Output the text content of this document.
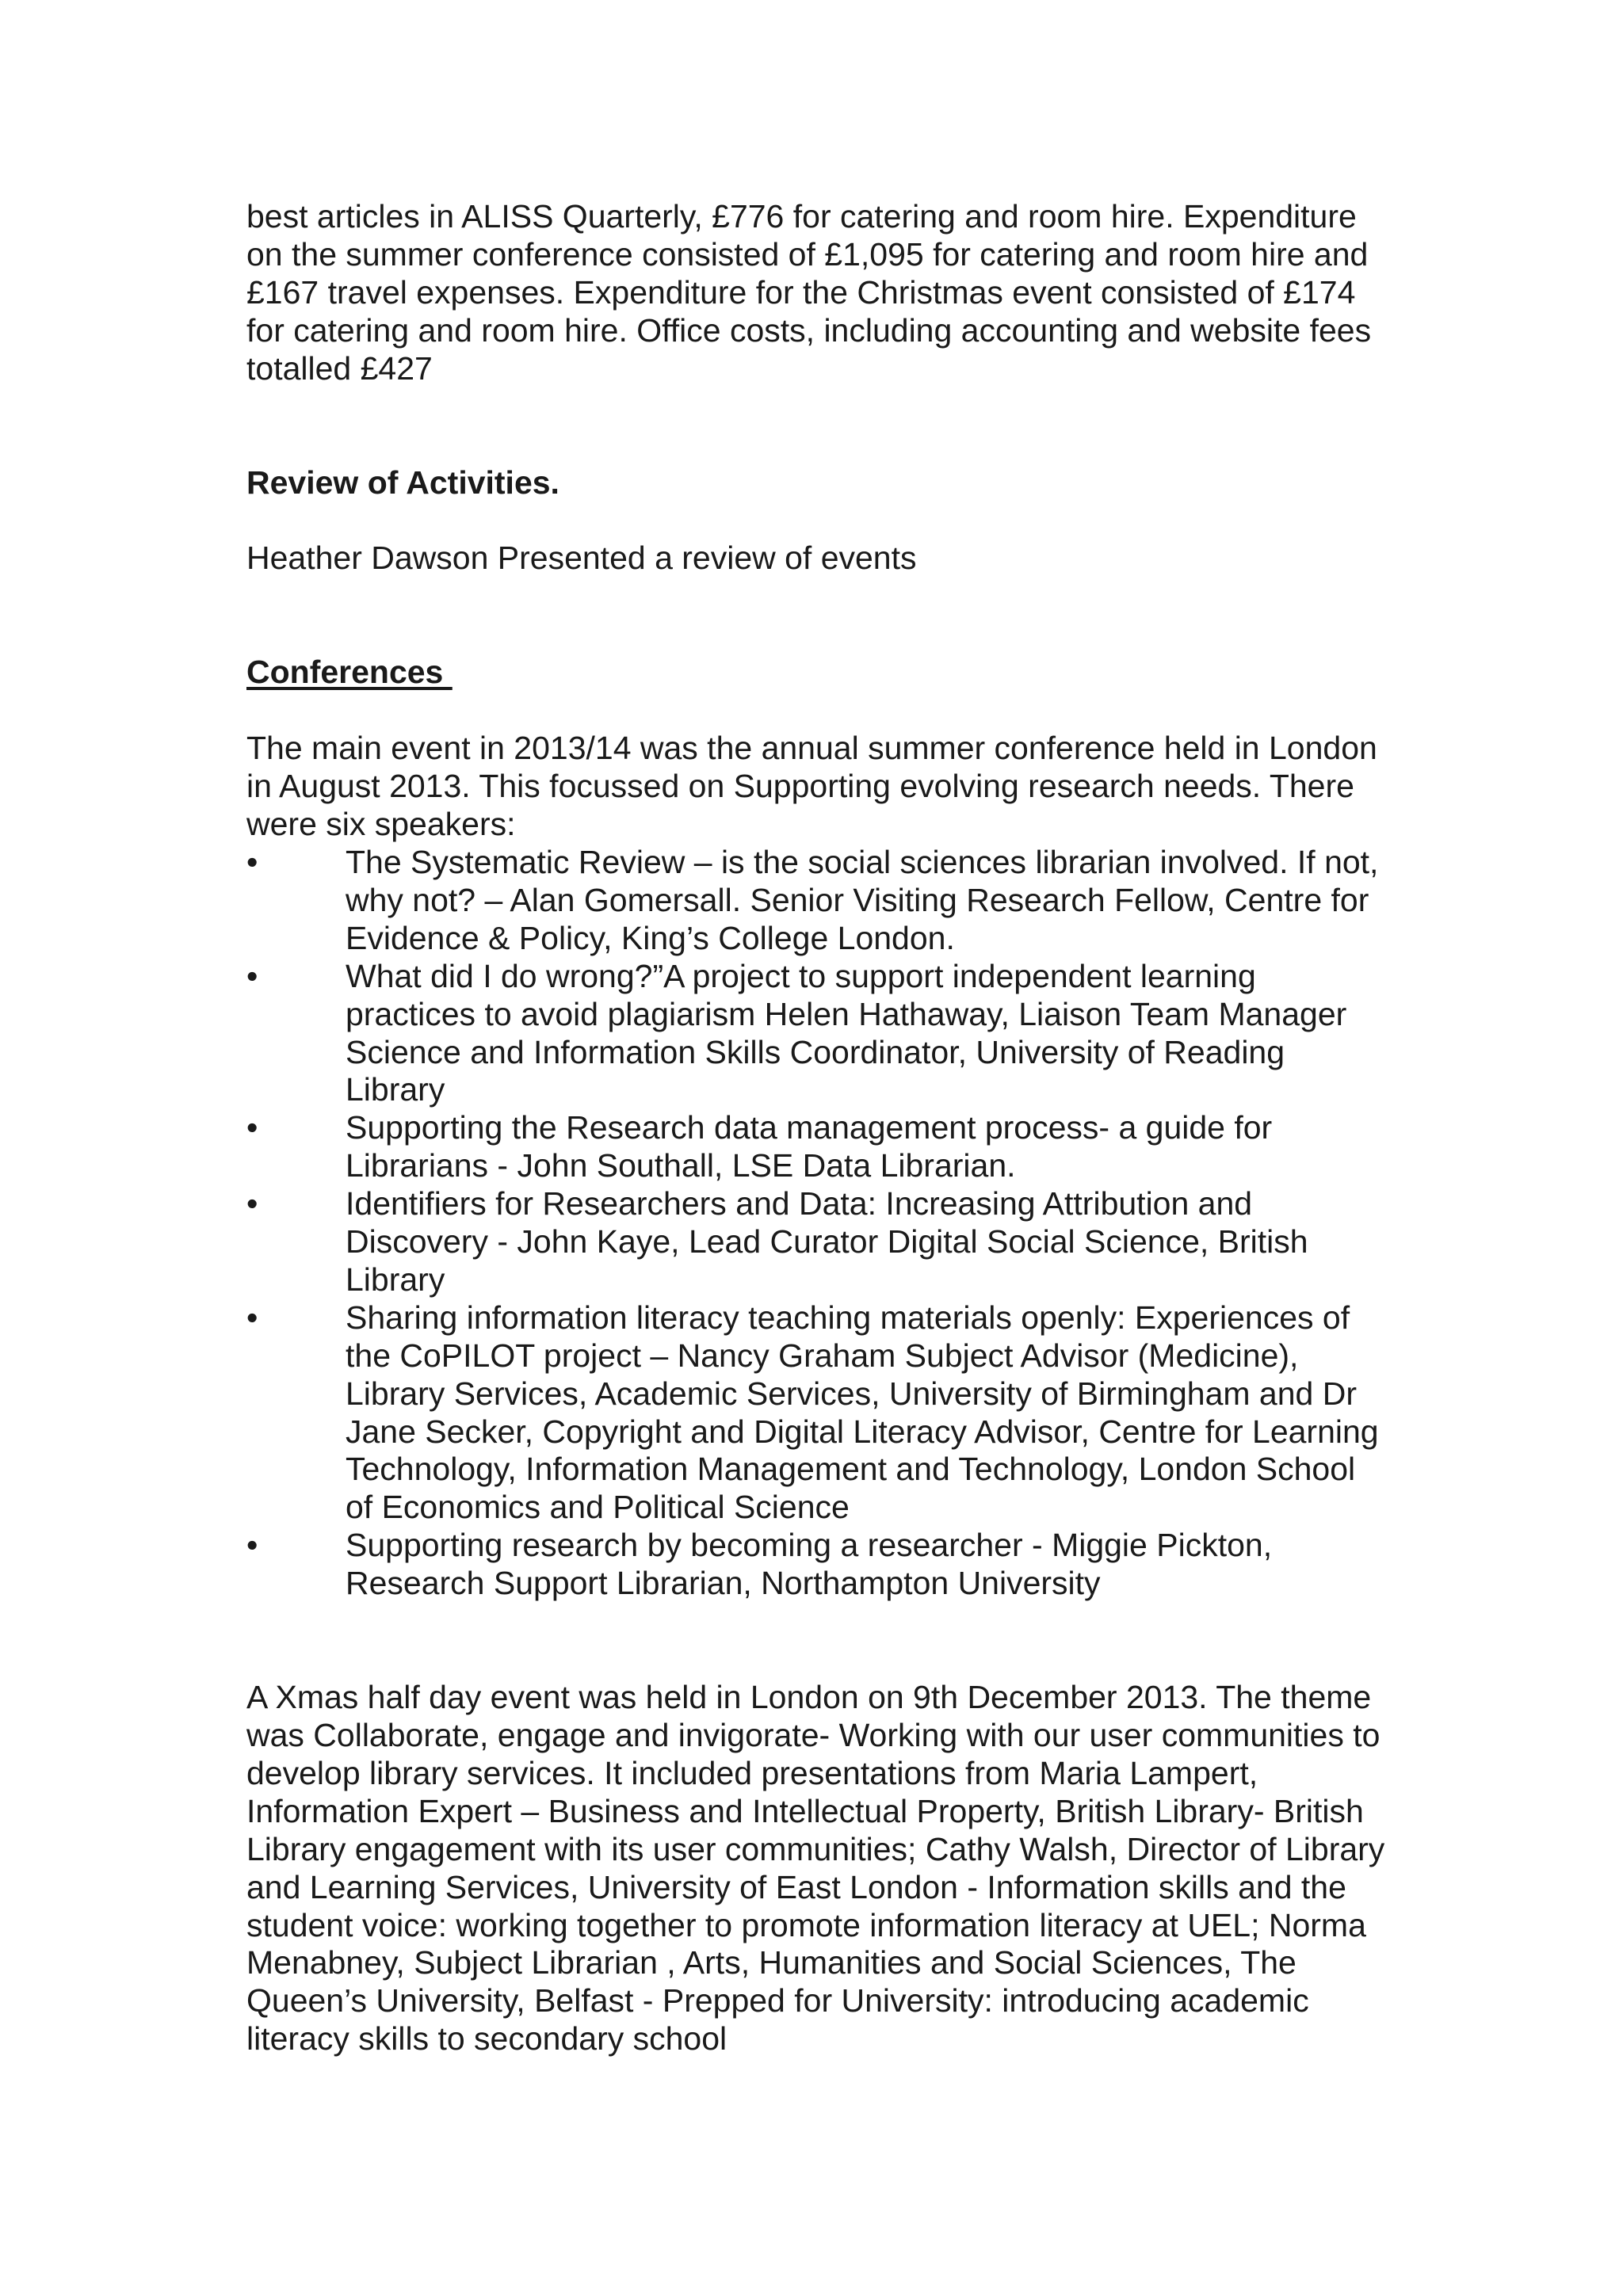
best articles in ALISS Quarterly, £776 for catering and room hire. Expenditure on the summer conference consisted of £1,095 for catering and room hire and £167 travel expenses. Expenditure for the Christmas event consisted of £174 for catering and room hire. Office costs, including accounting and website fees totalled £427

Review of Activities.

Heather Dawson Presented a review of events

Conferences

The main event in 2013/14 was the annual summer conference held in London in August 2013. This focussed on Supporting evolving research needs. There were six speakers:

•	The Systematic Review – is the social sciences librarian involved. If not, why not? – Alan Gomersall. Senior Visiting Research Fellow, Centre for Evidence & Policy, King’s College London.
•	What did I do wrong?”A project to support independent learning practices to avoid plagiarism Helen Hathaway, Liaison Team Manager Science and Information Skills Coordinator, University of Reading Library
•	Supporting the Research data management process- a guide for Librarians - John Southall, LSE Data Librarian.
•	Identifiers for Researchers and Data: Increasing Attribution and Discovery - John Kaye, Lead Curator Digital Social Science, British Library
•	Sharing information literacy teaching materials openly: Experiences of the CoPILOT project – Nancy Graham Subject Advisor (Medicine), Library Services, Academic Services, University of Birmingham and Dr Jane Secker, Copyright and Digital Literacy Advisor, Centre for Learning Technology, Information Management and Technology, London School of Economics and Political Science
•	Supporting research by becoming a researcher - Miggie Pickton, Research Support Librarian, Northampton University

A Xmas half day event was held in London on 9th December 2013. The theme was Collaborate, engage and invigorate- Working with our user communities to develop library services. It included presentations from Maria Lampert, Information Expert – Business and Intellectual Property, British Library- British Library engagement with its user communities; Cathy Walsh, Director of Library and Learning Services, University of East London - Information skills and the student voice: working together to promote information literacy at UEL; Norma Menabney, Subject Librarian , Arts, Humanities and Social Sciences, The Queen’s University, Belfast - Prepped for University: introducing academic literacy skills to secondary school
